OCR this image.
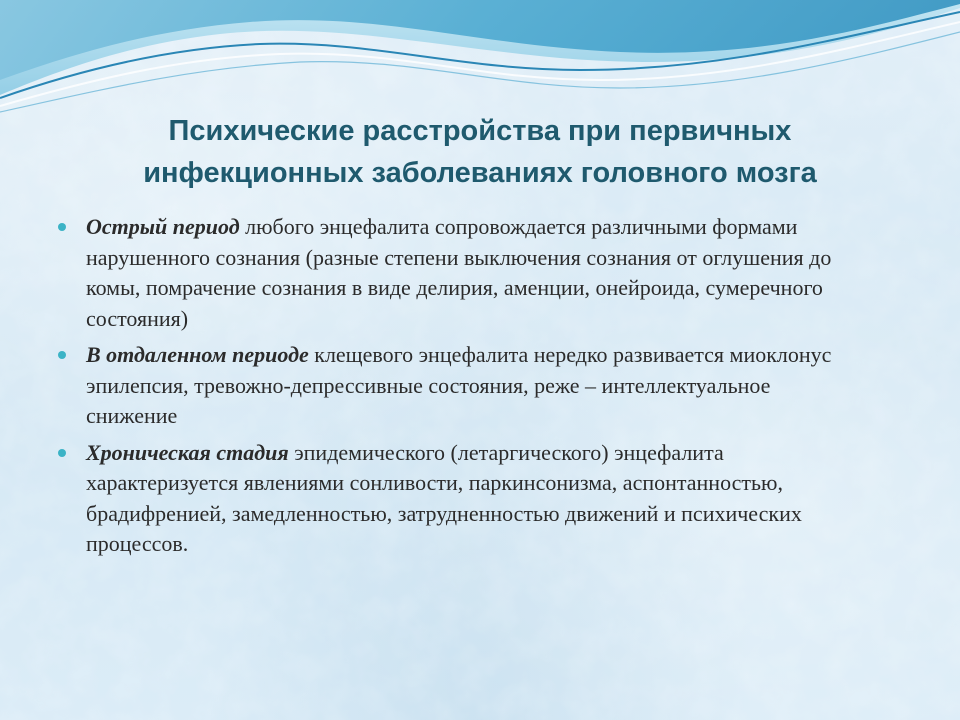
Психические расстройства при первичных
инфекционных заболеваниях головного мозга
Острый период любого энцефалита сопровождается различными формами нарушенного сознания (разные степени выключения сознания от оглушения до комы, помрачение сознания в виде делирия, аменции, онейроида, сумеречного состояния)
В отдаленном периоде клещевого энцефалита нередко развивается миоклонус эпилепсия, тревожно-депрессивные состояния, реже – интеллектуальное снижение
Хроническая стадия эпидемического (летаргического) энцефалита характеризуется явлениями сонливости, паркинсонизма, аспонтанностью, брадифренией, замедленностью, затрудненностью движений и психических процессов.
